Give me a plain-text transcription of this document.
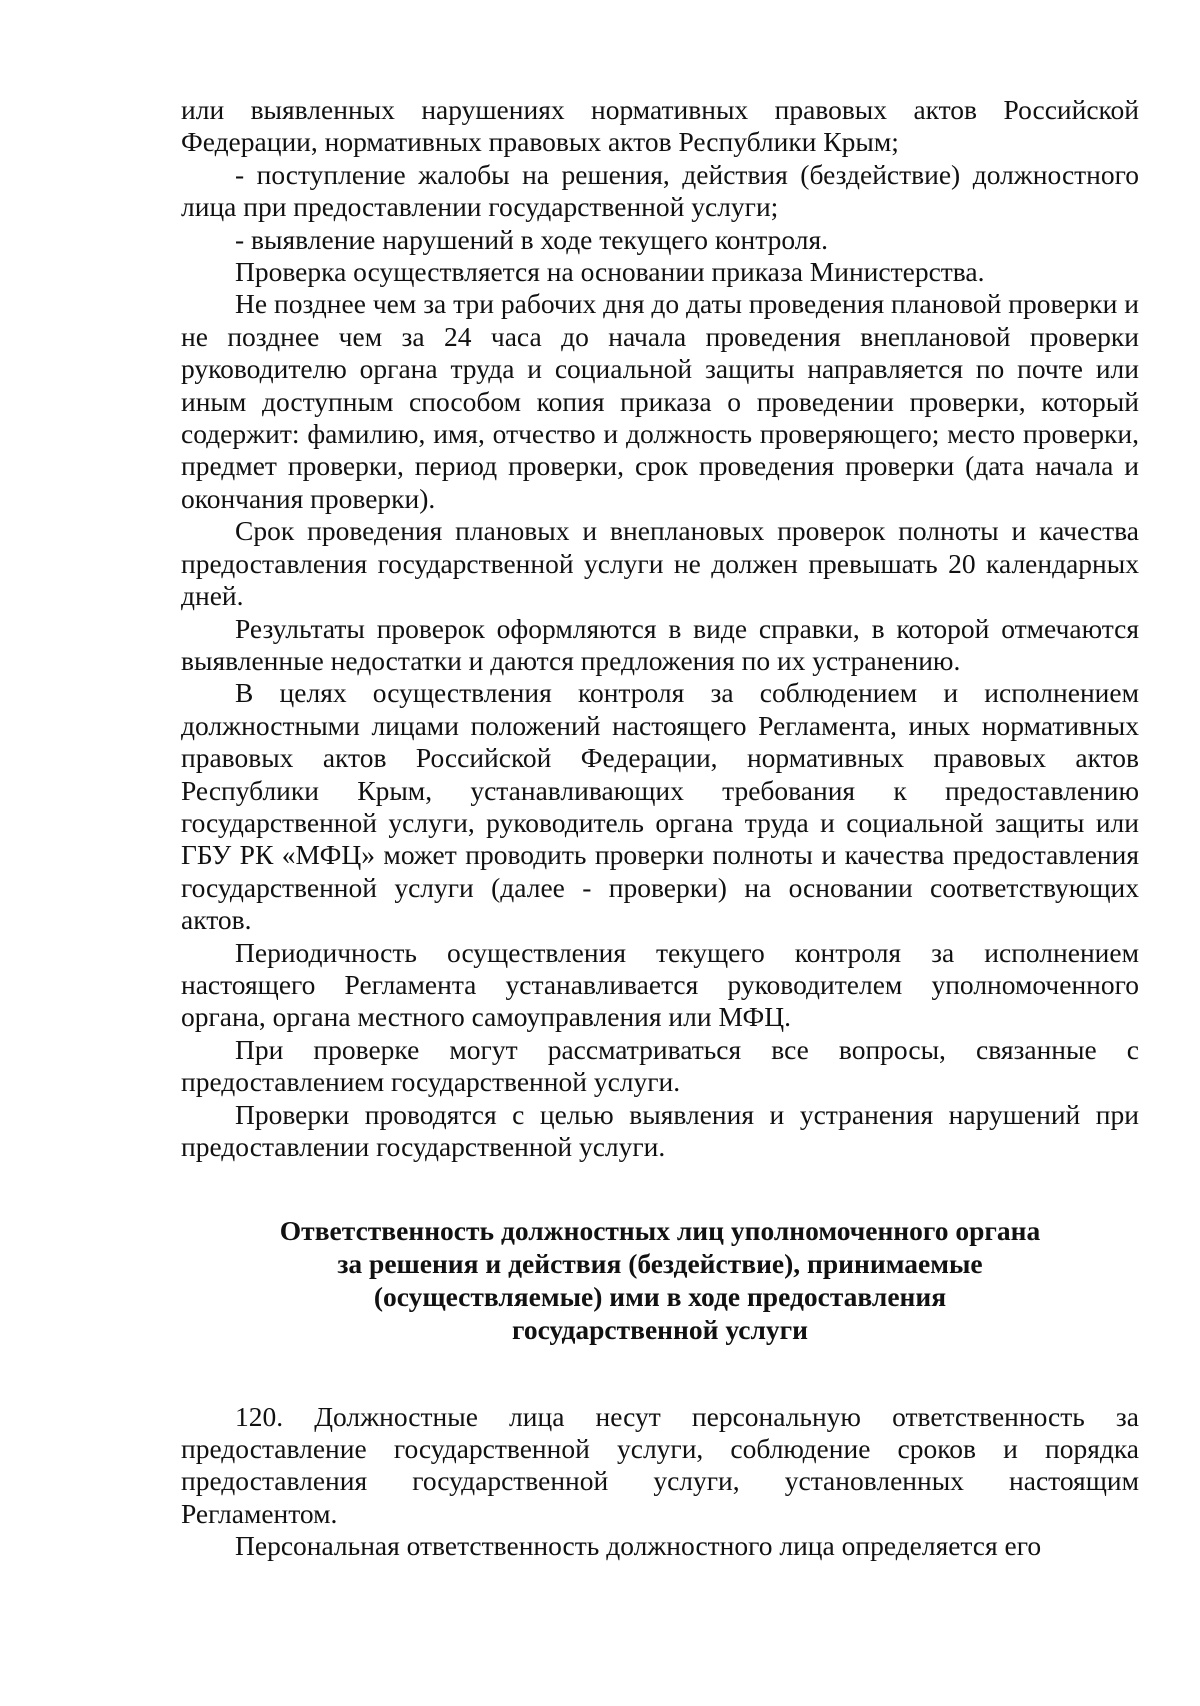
или выявленных нарушениях нормативных правовых актов Российской Федерации, нормативных правовых актов Республики Крым;

- поступление жалобы на решения, действия (бездействие) должностного лица при предоставлении государственной услуги;

- выявление нарушений в ходе текущего контроля.

Проверка осуществляется на основании приказа Министерства.

Не позднее чем за три рабочих дня до даты проведения плановой проверки и не позднее чем за 24 часа до начала проведения внеплановой проверки руководителю органа труда и социальной защиты направляется по почте или иным доступным способом копия приказа о проведении проверки, который содержит: фамилию, имя, отчество и должность проверяющего; место проверки, предмет проверки, период проверки, срок проведения проверки (дата начала и окончания проверки).

Срок проведения плановых и внеплановых проверок полноты и качества предоставления государственной услуги не должен превышать 20 календарных дней.

Результаты проверок оформляются в виде справки, в которой отмечаются выявленные недостатки и даются предложения по их устранению.

В целях осуществления контроля за соблюдением и исполнением должностными лицами положений настоящего Регламента, иных нормативных правовых актов Российской Федерации, нормативных правовых актов Республики Крым, устанавливающих требования к предоставлению государственной услуги, руководитель органа труда и социальной защиты или ГБУ РК «МФЦ» может проводить проверки полноты и качества предоставления государственной услуги (далее - проверки) на основании соответствующих актов.

Периодичность осуществления текущего контроля за исполнением настоящего Регламента устанавливается руководителем уполномоченного органа, органа местного самоуправления или МФЦ.

При проверке могут рассматриваться все вопросы, связанные с предоставлением государственной услуги.

Проверки проводятся с целью выявления и устранения нарушений при предоставлении государственной услуги.

Ответственность должностных лиц уполномоченного органа
за решения и действия (бездействие), принимаемые
(осуществляемые) ими в ходе предоставления
государственной услуги

120. Должностные лица несут персональную ответственность за предоставление государственной услуги, соблюдение сроков и порядка предоставления государственной услуги, установленных настоящим Регламентом.

Персональная ответственность должностного лица определяется его
